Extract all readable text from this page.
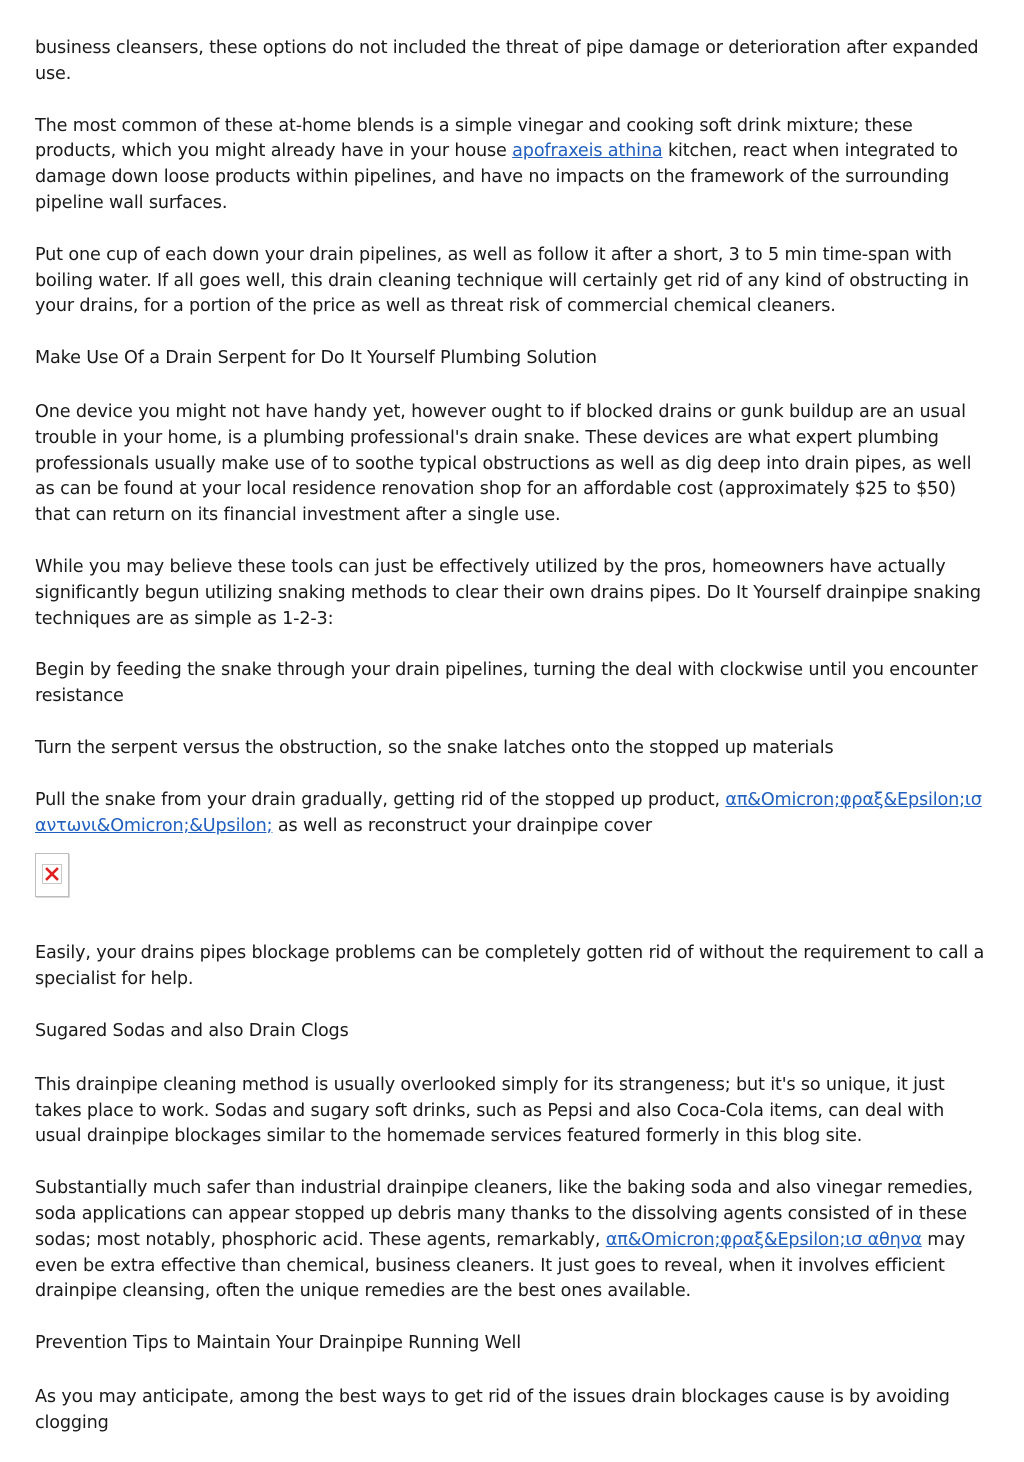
business cleansers, these options do not included the threat of pipe damage or deterioration after expanded use.

The most common of these at-home blends is a simple vinegar and cooking soft drink mixture; these products, which you might already have in your house apofraxeis athina kitchen, react when integrated to damage down loose products within pipelines, and have no impacts on the framework of the surrounding pipeline wall surfaces.

Put one cup of each down your drain pipelines, as well as follow it after a short, 3 to 5 min time-span with boiling water. If all goes well, this drain cleaning technique will certainly get rid of any kind of obstructing in your drains, for a portion of the price as well as threat risk of commercial chemical cleaners.

Make Use Of a Drain Serpent for Do It Yourself Plumbing Solution

One device you might not have handy yet, however ought to if blocked drains or gunk buildup are an usual trouble in your home, is a plumbing professional's drain snake. These devices are what expert plumbing professionals usually make use of to soothe typical obstructions as well as dig deep into drain pipes, as well as can be found at your local residence renovation shop for an affordable cost (approximately $25 to $50) that can return on its financial investment after a single use.

While you may believe these tools can just be effectively utilized by the pros, homeowners have actually significantly begun utilizing snaking methods to clear their own drains pipes. Do It Yourself drainpipe snaking techniques are as simple as 1-2-3:

Begin by feeding the snake through your drain pipelines, turning the deal with clockwise until you encounter resistance

Turn the serpent versus the obstruction, so the snake latches onto the stopped up materials

Pull the snake from your drain gradually, getting rid of the stopped up product, απ&Omicron;φραξ&Epsilon;ισ αντωνι&Omicron;&Upsilon; as well as reconstruct your drainpipe cover

Easily, your drains pipes blockage problems can be completely gotten rid of without the requirement to call a specialist for help.

Sugared Sodas and also Drain Clogs

This drainpipe cleaning method is usually overlooked simply for its strangeness; but it's so unique, it just takes place to work. Sodas and sugary soft drinks, such as Pepsi and also Coca-Cola items, can deal with usual drainpipe blockages similar to the homemade services featured formerly in this blog site.

Substantially much safer than industrial drainpipe cleaners, like the baking soda and also vinegar remedies, soda applications can appear stopped up debris many thanks to the dissolving agents consisted of in these sodas; most notably, phosphoric acid. These agents, remarkably, απ&Omicron;φραξ&Epsilon;ισ αθηνα may even be extra effective than chemical, business cleaners. It just goes to reveal, when it involves efficient drainpipe cleansing, often the unique remedies are the best ones available.

Prevention Tips to Maintain Your Drainpipe Running Well

As you may anticipate, among the best ways to get rid of the issues drain blockages cause is by avoiding clogging
